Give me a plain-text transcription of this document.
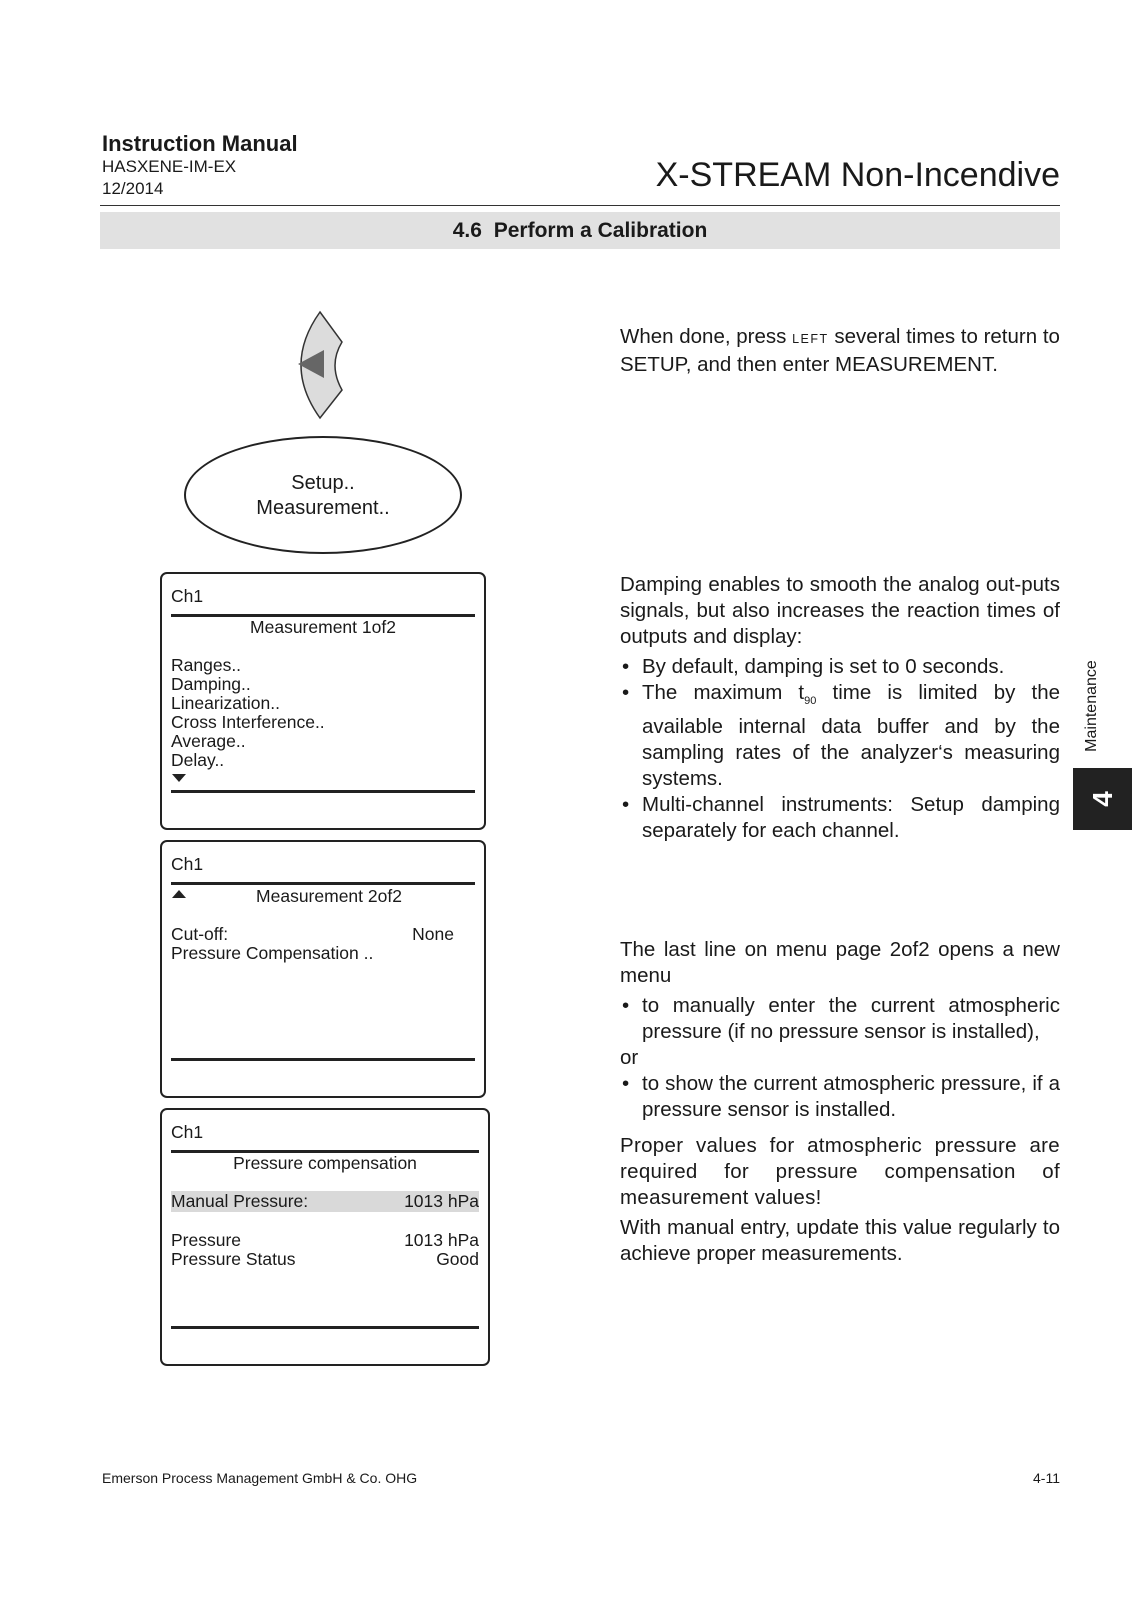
Instruction Manual
HASXENE-IM-EX
12/2014	X-STREAM Non-Incendive
4.6 Perform a Calibration
Setup..
Measurement..
Ch1
Measurement 1of2
Ranges..
Damping..
Linearization..
Cross Interference..
Average..
Delay..
Ch1
Measurement 2of2
Cut-off:	None
Pressure Compensation ..
Ch1
Pressure compensation
Manual Pressure:	1013 hPa
Pressure	1013 hPa
Pressure Status	Good
When done, press LEFT several times to return to SETUP, and then enter MEASUREMENT.
Damping enables to smooth the analog out-puts signals, but also increases the reaction times of outputs and display:
• By default, damping is set to 0 seconds.
• The maximum $t_{90}$ time is limited by the available internal data buffer and by the sampling rates of the analyzer‘s measuring systems.
• Multi-channel instruments: Setup damping separately for each channel.
The last line on menu page 2of2 opens a new menu
• to manually enter the current atmospheric pressure (if no pressure sensor is installed),
or
• to show the current atmospheric pressure, if a pressure sensor is installed.
Proper values for atmospheric pressure are required for pressure compensation of measurement values!
With manual entry, update this value regularly to achieve proper measurements.
Maintenance
4
Emerson Process Management GmbH & Co. OHG	4-11
